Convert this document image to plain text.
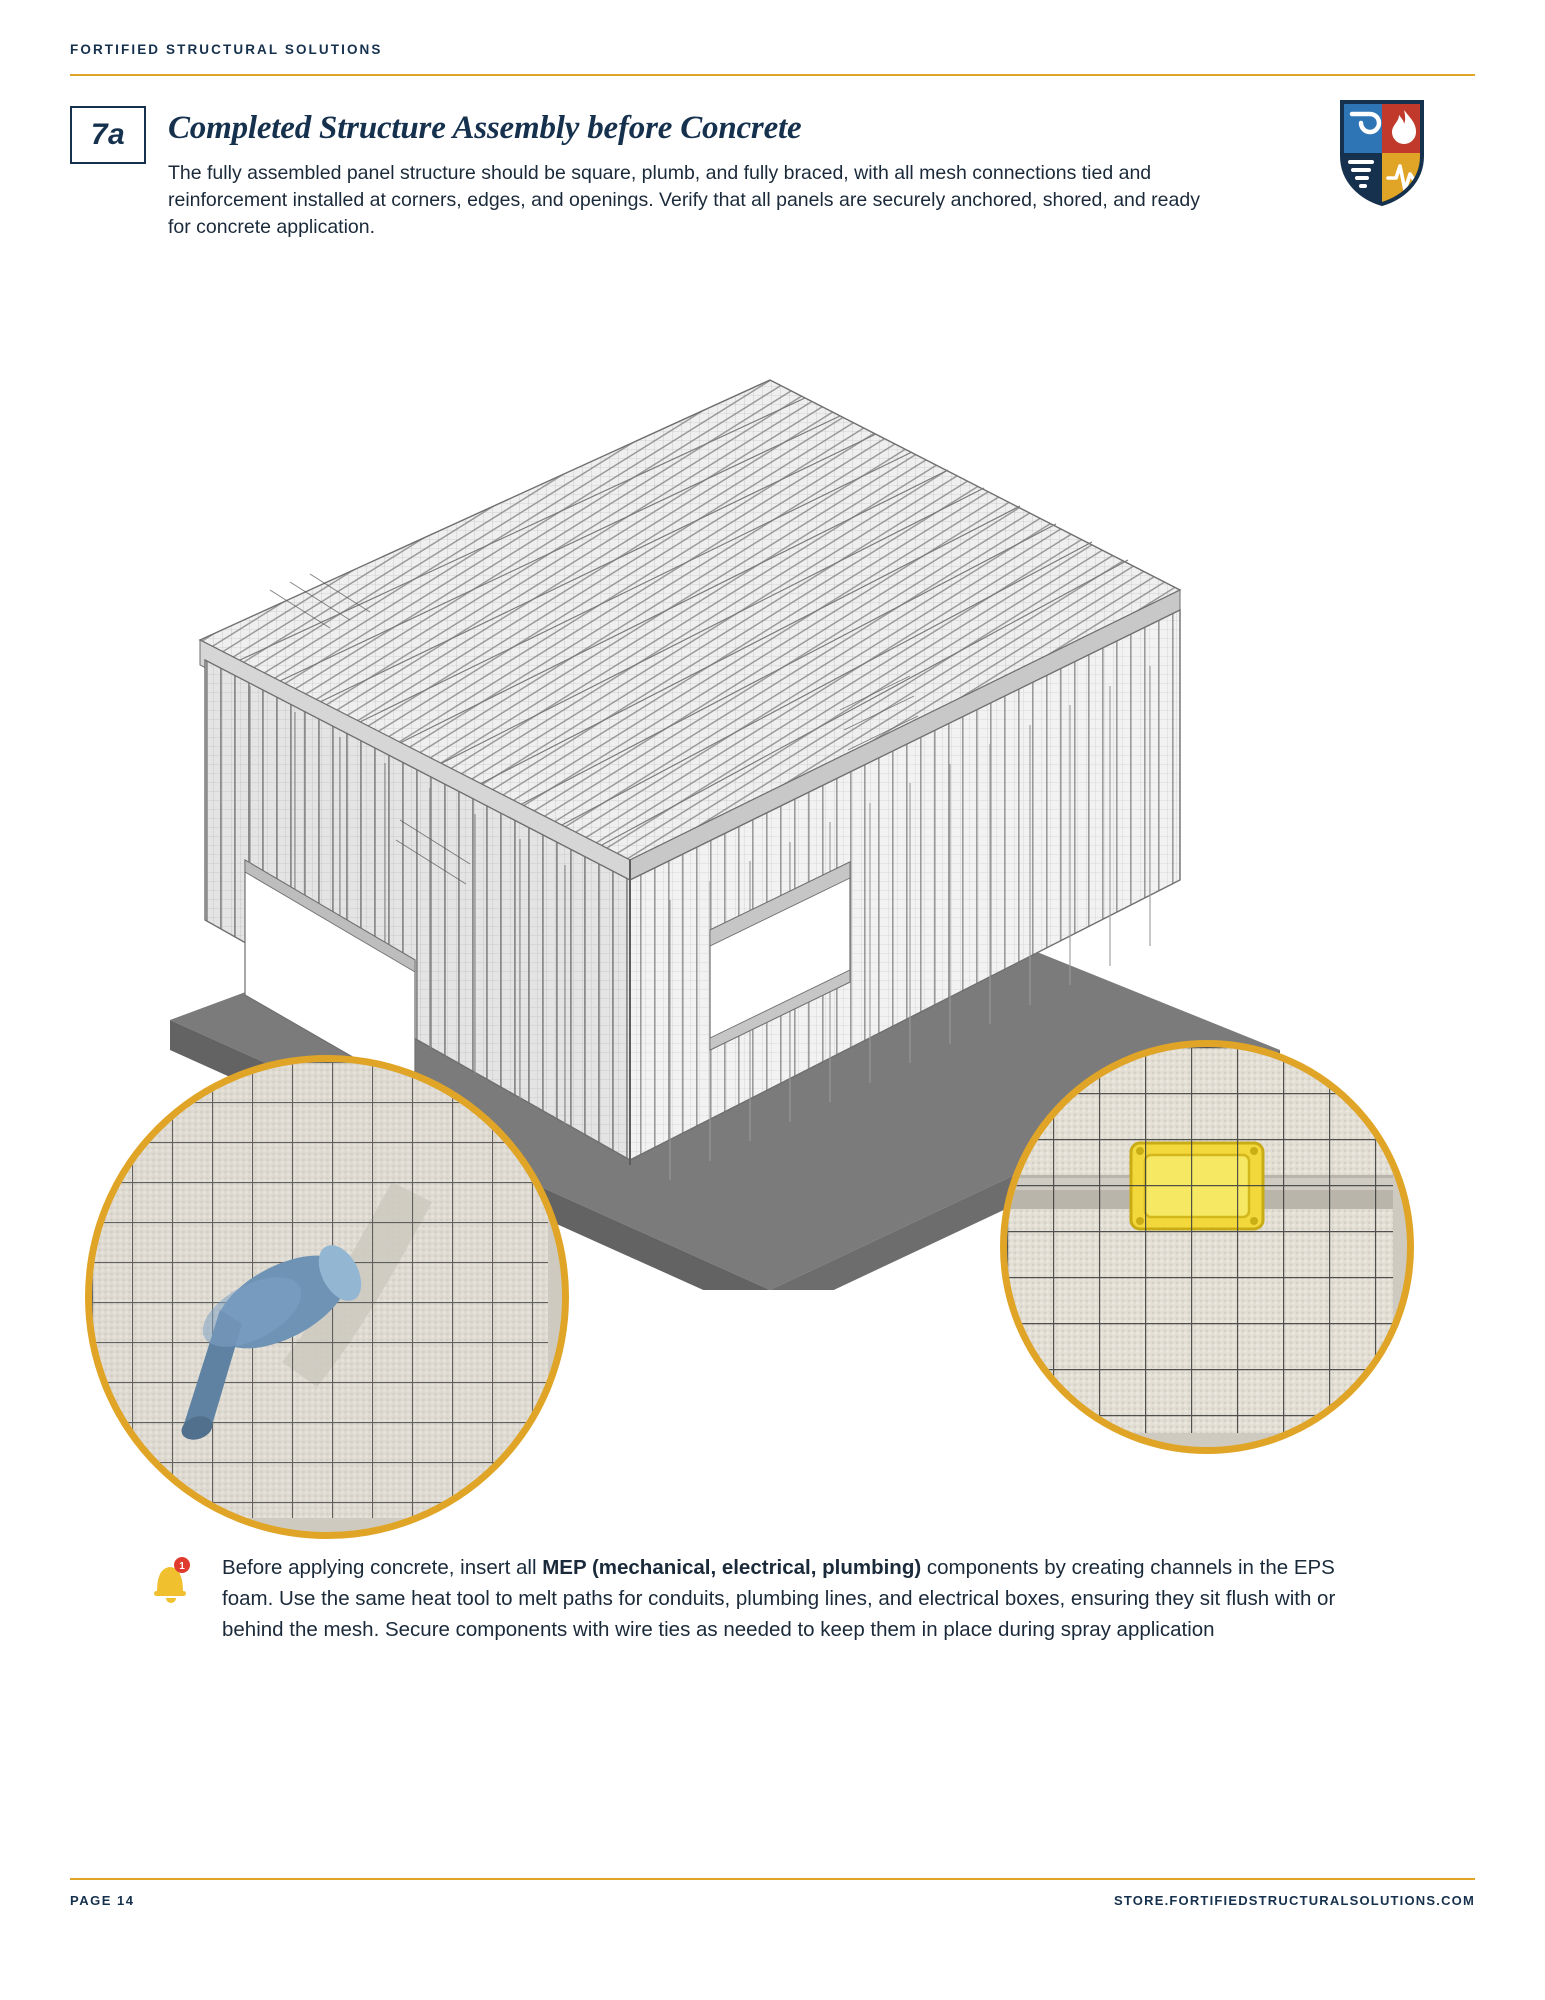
FORTIFIED STRUCTURAL SOLUTIONS
7a	Completed Structure Assembly before Concrete
The fully assembled panel structure should be square, plumb, and fully braced, with all mesh connections tied and reinforcement installed at corners, edges, and openings. Verify that all panels are securely anchored, shored, and ready for concrete application.
1 Before applying concrete, insert all MEP (mechanical, electrical, plumbing) components by creating channels in the EPS foam. Use the same heat tool to melt paths for conduits, plumbing lines, and electrical boxes, ensuring they sit flush with or behind the mesh. Secure components with wire ties as needed to keep them in place during spray application
PAGE 14	STORE.FORTIFIEDSTRUCTURALSOLUTIONS.COM
